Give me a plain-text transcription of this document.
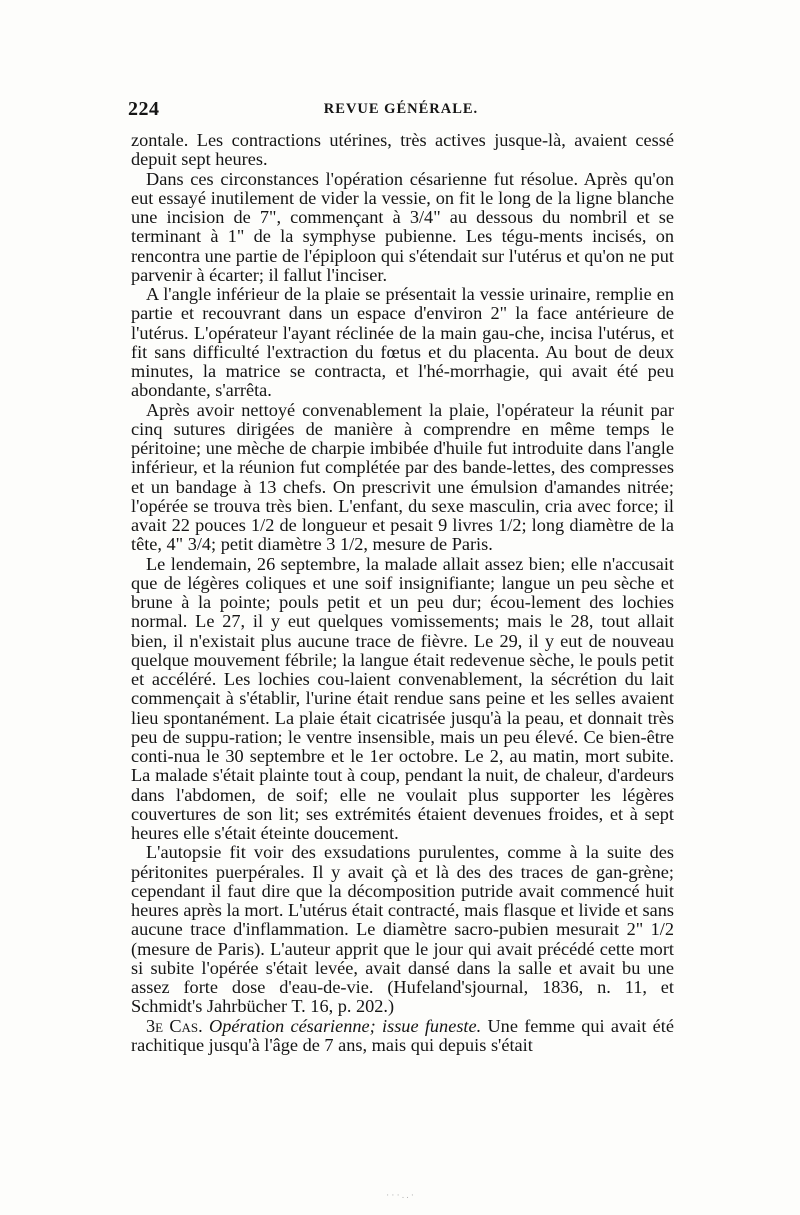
224	REVUE GÉNÉRALE.

zontale. Les contractions utérines, très actives jusque-là, avaient cessé depuit sept heures.

Dans ces circonstances l'opération césarienne fut résolue. Après qu'on eut essayé inutilement de vider la vessie, on fit le long de la ligne blanche une incision de 7", commençant à 3/4" au dessous du nombril et se terminant à 1" de la symphyse pubienne. Les tégu-ments incisés, on rencontra une partie de l'épiploon qui s'étendait sur l'utérus et qu'on ne put parvenir à écarter; il fallut l'inciser.

A l'angle inférieur de la plaie se présentait la vessie urinaire, remplie en partie et recouvrant dans un espace d'environ 2" la face antérieure de l'utérus. L'opérateur l'ayant réclinée de la main gau-che, incisa l'utérus, et fit sans difficulté l'extraction du fœtus et du placenta. Au bout de deux minutes, la matrice se contracta, et l'hé-morrhagie, qui avait été peu abondante, s'arrêta.

Après avoir nettoyé convenablement la plaie, l'opérateur la réunit par cinq sutures dirigées de manière à comprendre en même temps le péritoine; une mèche de charpie imbibée d'huile fut introduite dans l'angle inférieur, et la réunion fut complétée par des bande-lettes, des compresses et un bandage à 13 chefs. On prescrivit une émulsion d'amandes nitrée; l'opérée se trouva très bien. L'enfant, du sexe masculin, cria avec force; il avait 22 pouces 1/2 de longueur et pesait 9 livres 1/2; long diamètre de la tête, 4" 3/4; petit diamètre 3 1/2, mesure de Paris.

Le lendemain, 26 septembre, la malade allait assez bien; elle n'accusait que de légères coliques et une soif insignifiante; langue un peu sèche et brune à la pointe; pouls petit et un peu dur; écou-lement des lochies normal. Le 27, il y eut quelques vomissements; mais le 28, tout allait bien, il n'existait plus aucune trace de fièvre. Le 29, il y eut de nouveau quelque mouvement fébrile; la langue était redevenue sèche, le pouls petit et accéléré. Les lochies cou-laient convenablement, la sécrétion du lait commençait à s'établir, l'urine était rendue sans peine et les selles avaient lieu spontanément. La plaie était cicatrisée jusqu'à la peau, et donnait très peu de suppu-ration; le ventre insensible, mais un peu élevé. Ce bien-être conti-nua le 30 septembre et le 1er octobre. Le 2, au matin, mort subite. La malade s'était plainte tout à coup, pendant la nuit, de chaleur, d'ardeurs dans l'abdomen, de soif; elle ne voulait plus supporter les légères couvertures de son lit; ses extrémités étaient devenues froides, et à sept heures elle s'était éteinte doucement.

L'autopsie fit voir des exsudations purulentes, comme à la suite des péritonites puerpérales. Il y avait çà et là des des traces de gan-grène; cependant il faut dire que la décomposition putride avait commencé huit heures après la mort. L'utérus était contracté, mais flasque et livide et sans aucune trace d'inflammation. Le diamètre sacro-pubien mesurait 2" 1/2 (mesure de Paris). L'auteur apprit que le jour qui avait précédé cette mort si subite l'opérée s'était levée, avait dansé dans la salle et avait bu une assez forte dose d'eau-de-vie. (Hufeland'sjournal, 1836, n. 11, et Schmidt's Jahrbücher T. 16, p. 202.)

3e Cas. Opération césarienne; issue funeste. Une femme qui avait été rachitique jusqu'à l'âge de 7 ans, mais qui depuis s'était

· · · . . ·
